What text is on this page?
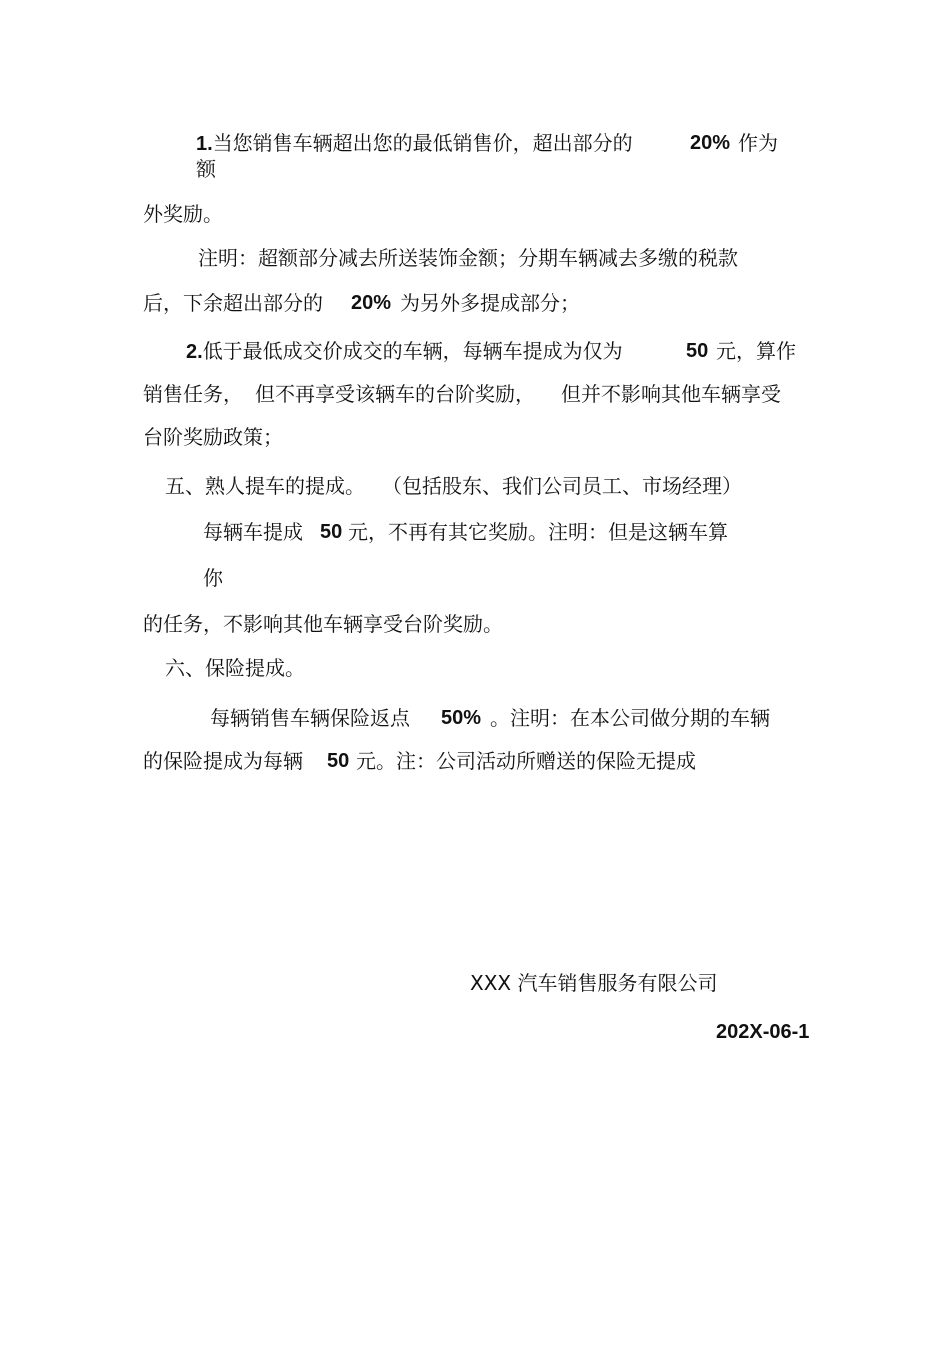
1.当您销售车辆超出您的最低销售价，超出部分的	20% 作为
额
外奖励。
注明：超额部分减去所送装饰金额；分期车辆减去多缴的税款
后，下余超出部分的 20% 为另外多提成部分；
2.低于最低成交价成交的车辆，每辆车提成为仅为	50 元，算作
销售任务， 但不再享受该辆车的台阶奖励， 但并不影响其他车辆享受
台阶奖励政策；
五、熟人提车的提成。 （包括股东、我们公司员工、市场经理）
每辆车提成 50 元，不再有其它奖励。注明：但是这辆车算
你
的任务，不影响其他车辆享受台阶奖励。
六、保险提成。
每辆销售车辆保险返点 50% 。注明：在本公司做分期的车辆
的保险提成为每辆 50 元。注：公司活动所赠送的保险无提成
XXX 汽车销售服务有限公司
202X-06-1
